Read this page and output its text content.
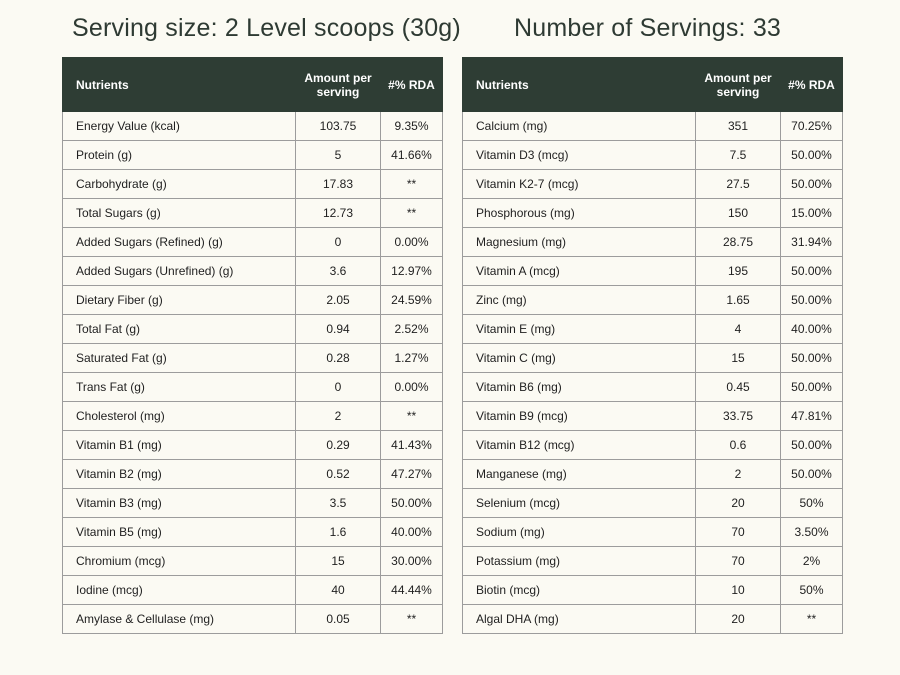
Serving size: 2 Level scoops (30g) Number of Servings: 33
Nutrients	Amount per serving	#% RDA
Energy Value (kcal)	103.75	9.35%
Protein (g)	5	41.66%
Carbohydrate (g)	17.83	**
Total Sugars (g)	12.73	**
Added Sugars (Refined) (g)	0	0.00%
Added Sugars (Unrefined) (g)	3.6	12.97%
Dietary Fiber (g)	2.05	24.59%
Total Fat (g)	0.94	2.52%
Saturated Fat (g)	0.28	1.27%
Trans Fat (g)	0	0.00%
Cholesterol (mg)	2	**
Vitamin B1 (mg)	0.29	41.43%
Vitamin B2 (mg)	0.52	47.27%
Vitamin B3 (mg)	3.5	50.00%
Vitamin B5 (mg)	1.6	40.00%
Chromium (mcg)	15	30.00%
Iodine (mcg)	40	44.44%
Amylase & Cellulase (mg)	0.05	**
Nutrients	Amount per serving	#% RDA
Calcium (mg)	351	70.25%
Vitamin D3 (mcg)	7.5	50.00%
Vitamin K2-7 (mcg)	27.5	50.00%
Phosphorous (mg)	150	15.00%
Magnesium (mg)	28.75	31.94%
Vitamin A (mcg)	195	50.00%
Zinc (mg)	1.65	50.00%
Vitamin E (mg)	4	40.00%
Vitamin C (mg)	15	50.00%
Vitamin B6 (mg)	0.45	50.00%
Vitamin B9 (mcg)	33.75	47.81%
Vitamin B12 (mcg)	0.6	50.00%
Manganese (mg)	2	50.00%
Selenium (mcg)	20	50%
Sodium (mg)	70	3.50%
Potassium (mg)	70	2%
Biotin (mcg)	10	50%
Algal DHA (mg)	20	**
